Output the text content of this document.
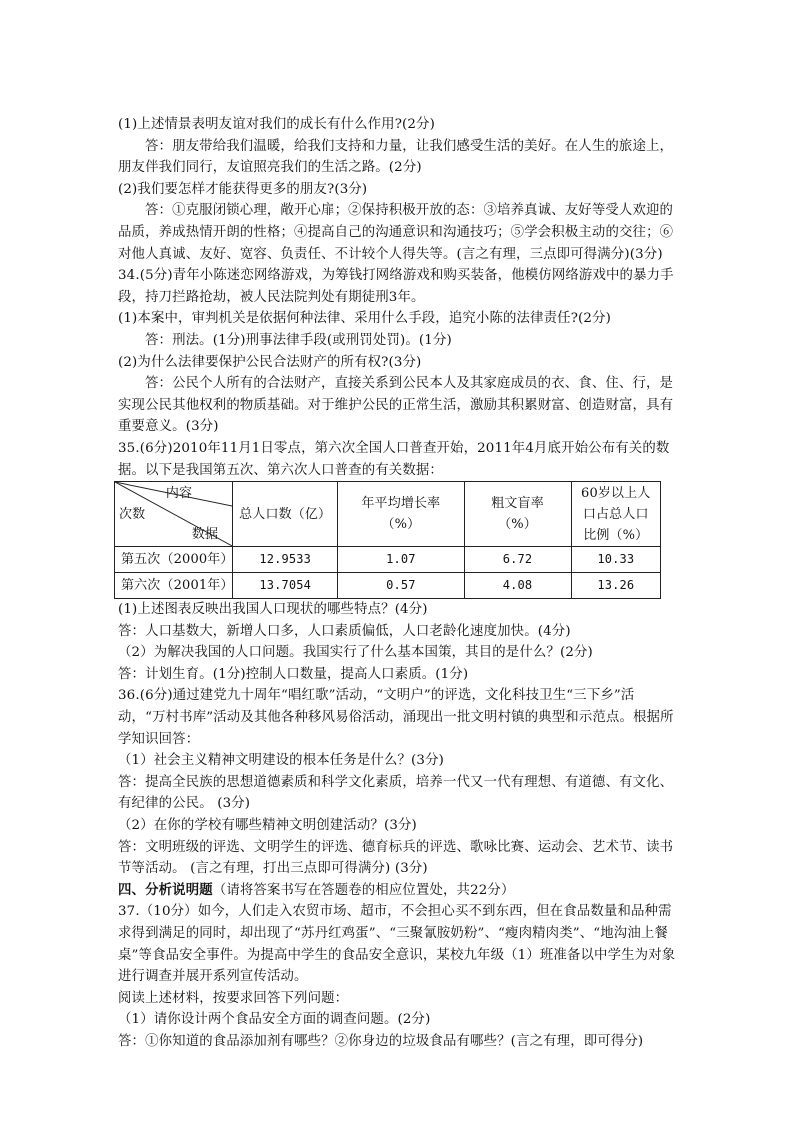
(1)上述情景表明友谊对我们的成长有什么作用?(2分)

答：朋友带给我们温暖，给我们支持和力量，让我们感受生活的美好。在人生的旅途上，朋友伴我们同行，友谊照亮我们的生活之路。(2分)

(2)我们要怎样才能获得更多的朋友?(3分)

答：①克服闭锁心理，敞开心扉；②保持积极开放的态：③培养真诚、友好等受人欢迎的品质，养成热情开朗的性格；④提高自己的沟通意识和沟通技巧；⑤学会积极主动的交往；⑥对他人真诚、友好、宽容、负责任、不计较个人得失等。(言之有理，三点即可得满分)(3分)

34.(5分)青年小陈迷恋网络游戏，为筹钱打网络游戏和购买装备，他模仿网络游戏中的暴力手段，持刀拦路抢劫，被人民法院判处有期徒刑3年。

(1)本案中，审判机关是依据何种法律、采用什么手段，追究小陈的法律责任?(2分)

答：刑法。(1分)刑事法律手段(或刑罚处罚)。(1分)

(2)为什么法律要保护公民合法财产的所有权?(3分)

答：公民个人所有的合法财产，直接关系到公民本人及其家庭成员的衣、食、住、行，是实现公民其他权利的物质基础。对于维护公民的正常生活，激励其积累财富、创造财富，具有重要意义。(3分)

35.(6分)2010年11月1日零点，第六次全国人口普查开始，2011年4月底开始公布有关的数据。以下是我国第五次、第六次人口普查的有关数据：

内容
次数
数据	总人口数（亿）	年平均增长率（%）	粗文盲率（%）	60岁以上人口占总人口比例（%）
第五次（2000年）	12.9533	1.07	6.72	10.33
第六次（2001年）	13.7054	0.57	4.08	13.26

(1)上述图表反映出我国人口现状的哪些特点？(4分)

答：人口基数大，新增人口多，人口素质偏低，人口老龄化速度加快。(4分)

（2）为解决我国的人口问题。我国实行了什么基本国策，其目的是什么？(2分)

答：计划生育。(1分)控制人口数量，提高人口素质。(1分)

36.(6分)通过建党九十周年“唱红歌”活动，“文明户”的评选，文化科技卫生“三下乡”活动，“万村书库”活动及其他各种移风易俗活动，涌现出一批文明村镇的典型和示范点。根据所学知识回答：

（1）社会主义精神文明建设的根本任务是什么？(3分)

答：提高全民族的思想道德素质和科学文化素质，培养一代又一代有理想、有道德、有文化、有纪律的公民。 (3分)

（2）在你的学校有哪些精神文明创建活动？(3分)

答：文明班级的评选、文明学生的评选、德育标兵的评选、歌咏比赛、运动会、艺术节、读书节等活动。 (言之有理，打出三点即可得满分) (3分)

四、分析说明题（请将答案书写在答题卷的相应位置处，共22分）

37.（10分）如今，人们走入农贸市场、超市，不会担心买不到东西，但在食品数量和品种需求得到满足的同时，却出现了“苏丹红鸡蛋”、“三聚氰胺奶粉”、“瘦肉精肉类”、“地沟油上餐桌”等食品安全事件。为提高中学生的食品安全意识，某校九年级（1）班准备以中学生为对象进行调查并展开系列宣传活动。

阅读上述材料，按要求回答下列问题：

（1）请你设计两个食品安全方面的调查问题。(2分)

答：①你知道的食品添加剂有哪些？②你身边的垃圾食品有哪些？(言之有理，即可得分)
